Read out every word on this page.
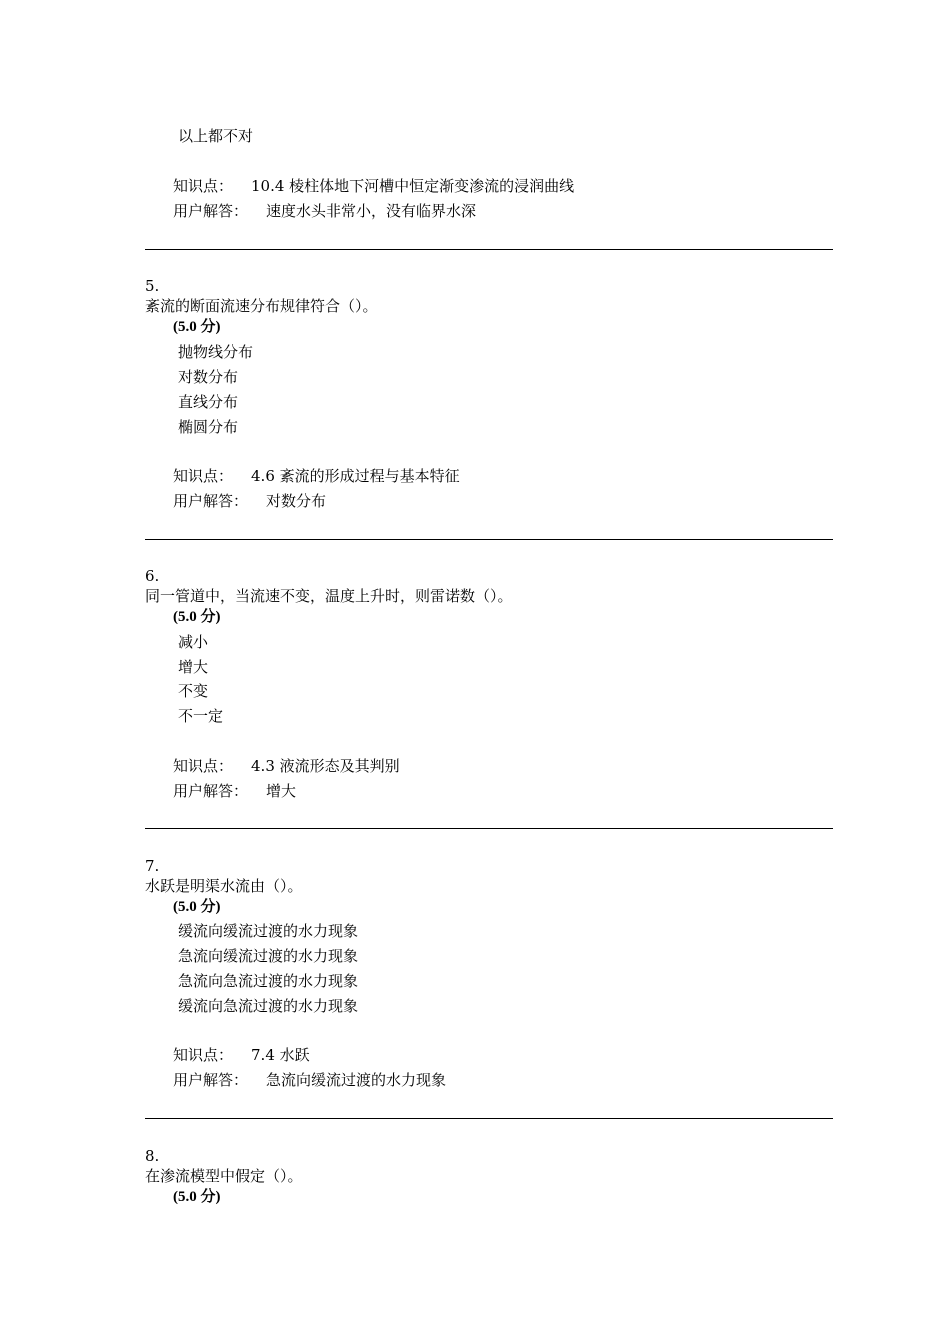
以上都不对
知识点： 10.4 棱柱体地下河槽中恒定渐变渗流的浸润曲线
用户解答： 速度水头非常小，没有临界水深
5.
紊流的断面流速分布规律符合（）。
(5.0 分)
抛物线分布
对数分布
直线分布
椭圆分布
知识点： 4.6 紊流的形成过程与基本特征
用户解答： 对数分布
6.
同一管道中，当流速不变，温度上升时，则雷诺数（）。
(5.0 分)
减小
增大
不变
不一定
知识点： 4.3 液流形态及其判别
用户解答： 增大
7.
水跃是明渠水流由（）。
(5.0 分)
缓流向缓流过渡的水力现象
急流向缓流过渡的水力现象
急流向急流过渡的水力现象
缓流向急流过渡的水力现象
知识点： 7.4 水跃
用户解答： 急流向缓流过渡的水力现象
8.
在渗流模型中假定（）。
(5.0 分)
